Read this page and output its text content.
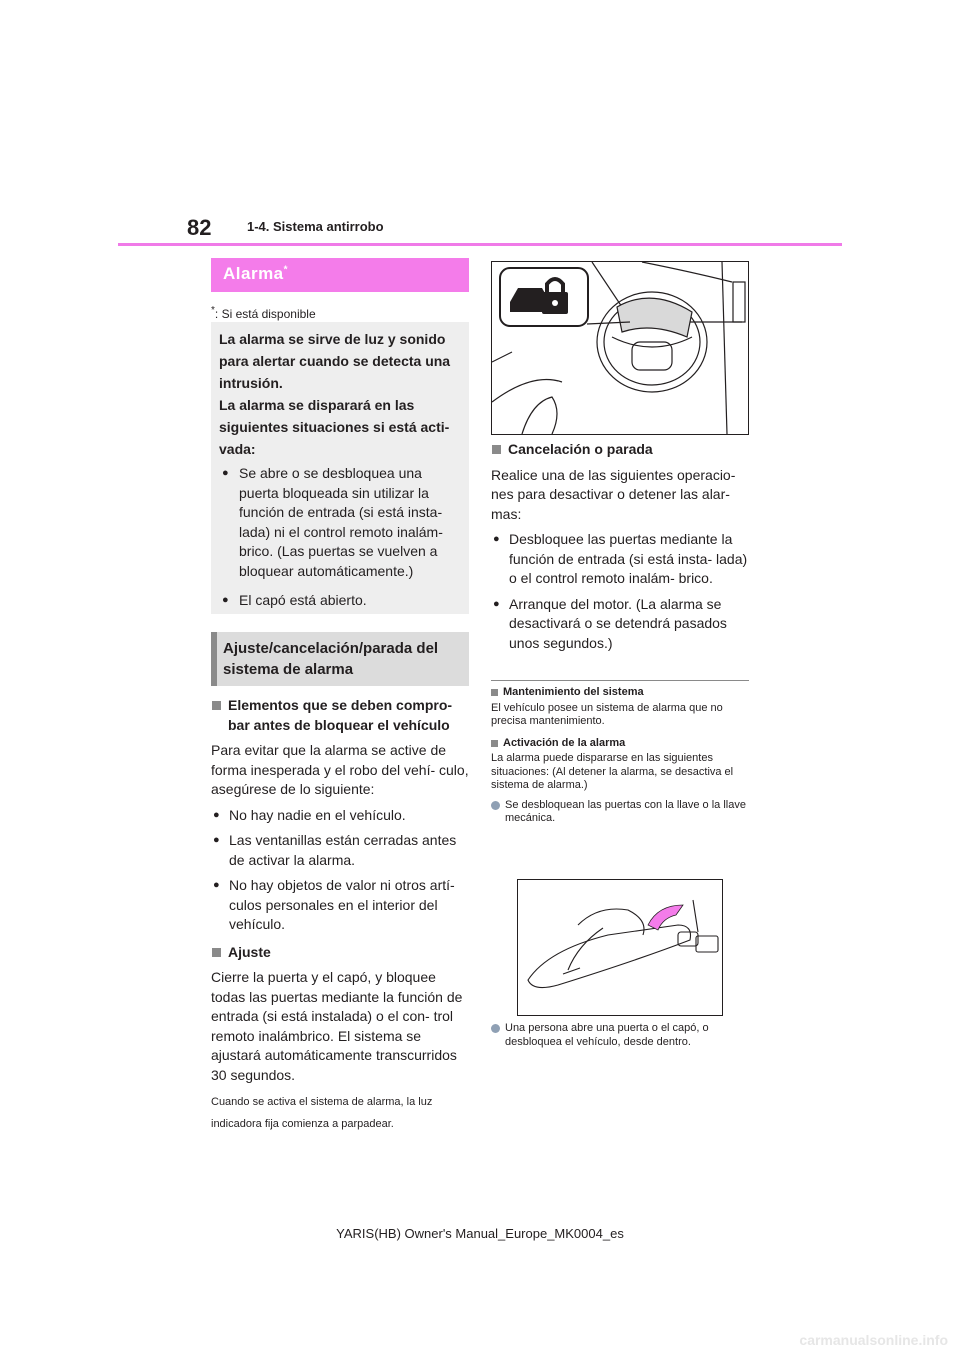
82	1-4. Sistema antirrobo
Alarma*
*: Si está disponible
La alarma se sirve de luz y sonido
para alertar cuando se detecta una
intrusión.
La alarma se disparará en las
siguientes situaciones si está acti-
vada:
● Se abre o se desbloquea una puerta bloqueada sin utilizar la función de entrada (si está insta- lada) ni el control remoto inalám- brico. (Las puertas se vuelven a bloquear automáticamente.)
● El capó está abierto.
Ajuste/cancelación/parada del sistema de alarma
Elementos que se deben compro- bar antes de bloquear el vehículo
Para evitar que la alarma se active de forma inesperada y el robo del vehí- culo, asegúrese de lo siguiente:
● No hay nadie en el vehículo.
● Las ventanillas están cerradas antes de activar la alarma.
● No hay objetos de valor ni otros artí- culos personales en el interior del vehículo.
Ajuste
Cierre la puerta y el capó, y bloquee todas las puertas mediante la función de entrada (si está instalada) o el con- trol remoto inalámbrico. El sistema se ajustará automáticamente transcurridos 30 segundos.
Cuando se activa el sistema de alarma, la luz indicadora fija comienza a parpadear.
Cancelación o parada
Realice una de las siguientes operacio- nes para desactivar o detener las alar- mas:
● Desbloquee las puertas mediante la función de entrada (si está insta- lada) o el control remoto inalám- brico.
● Arranque del motor. (La alarma se desactivará o se detendrá pasados unos segundos.)
Mantenimiento del sistema
El vehículo posee un sistema de alarma que no precisa mantenimiento.
Activación de la alarma
La alarma puede dispararse en las siguientes situaciones: (Al detener la alarma, se desactiva el sistema de alarma.)
Se desbloquean las puertas con la llave o la llave mecánica.
Una persona abre una puerta o el capó, o desbloquea el vehículo, desde dentro.
YARIS(HB) Owner's Manual_Europe_MK0004_es
carmanualsonline.info
